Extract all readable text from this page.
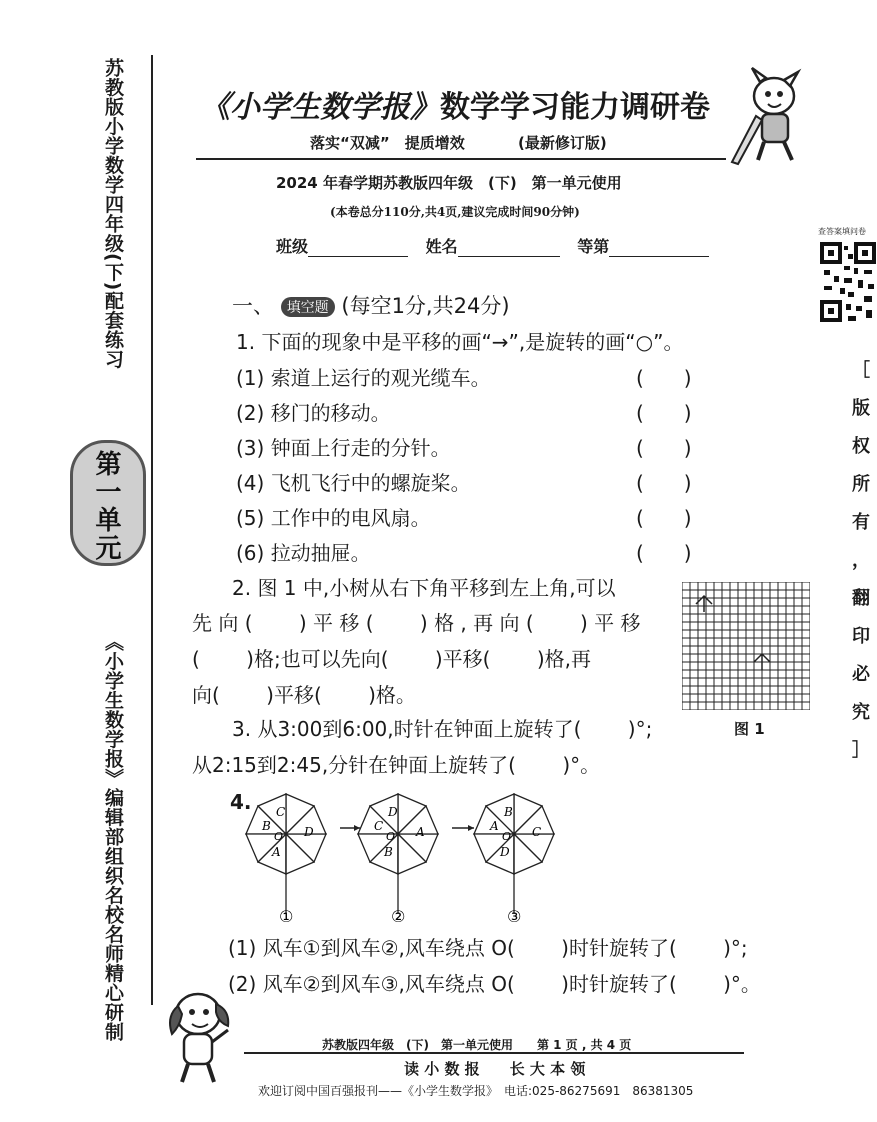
苏教版小学数学四年级(下)配套练习
第一单元
《小学生数学报》编辑部组织名校名师精心研制
《小学生数学报》数学学习能力调研卷
落实“双减”　提质增效	(最新修订版)
2024 年春学期苏教版四年级　(下)　第一单元使用
(本卷总分110分,共4页,建议完成时间90分钟)
班级	姓名	等第
查答案填问卷
［
版
权
所
有
，
翻
印
必
究
］
一、 填空题 (每空1分,共24分)
1. 下面的现象中是平移的画“→”,是旋转的画“○”。
(1) 索道上运行的观光缆车。	(　　)
(2) 移门的移动。	(　　)
(3) 钟面上行走的分针。	(　　)
(4) 飞机飞行中的螺旋桨。	(　　)
(5) 工作中的电风扇。	(　　)
(6) 拉动抽屉。	(　　)
2. 图 1 中,小树从右下角平移到左上角,可以
先 向 (　　 ) 平 移 (　　 ) 格 , 再 向 (　　 ) 平 移
(　　 )格;也可以先向(　　 )平移(　　 )格,再
向(　　 )平移(　　 )格。
图 1
3. 从3:00到6:00,时针在钟面上旋转了(　　 )°;
从2:15到2:45,分针在钟面上旋转了(　　 )°。
4. C
D
A
B
O
①
D
A
B
C
O
②
B
C
D
A
O
③
(1) 风车①到风车②,风车绕点 O(　　 )时针旋转了(　　 )°;
(2) 风车②到风车③,风车绕点 O(　　 )时针旋转了(　　 )°。
苏教版四年级　(下)　第一单元使用　　第 1 页 , 共 4 页
读 小 数 报　　长 大 本 领
欢迎订阅中国百强报刊——《小学生数学报》　电话:025-86275691　86381305
